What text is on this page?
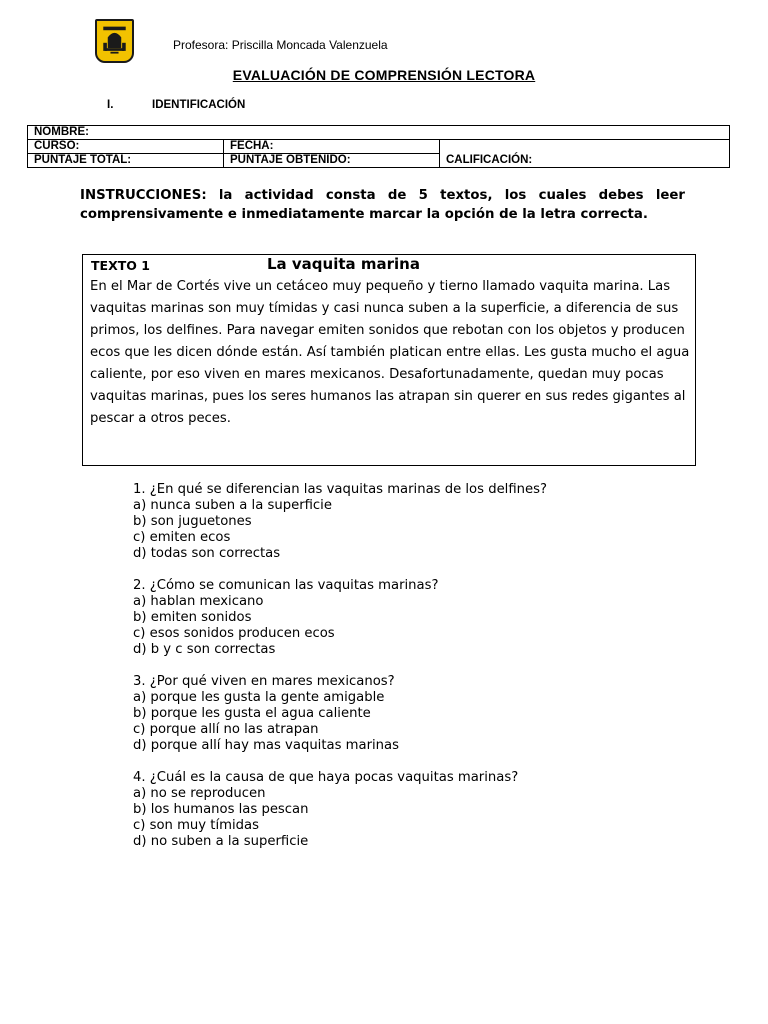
Profesora: Priscilla Moncada Valenzuela
EVALUACIÓN DE COMPRENSIÓN LECTORA
I.	IDENTIFICACIÓN
NOMBRE:		
CURSO:	FECHA:	CALIFICACIÓN:
PUNTAJE TOTAL:	PUNTAJE OBTENIDO:	
INSTRUCCIONES: la actividad consta de 5 textos, los cuales debes leer comprensivamente e inmediatamente marcar la opción de la letra correcta.
TEXTO 1	La vaquita marina
En el Mar de Cortés vive un cetáceo muy pequeño y tierno llamado vaquita marina. Las vaquitas marinas son muy tímidas y casi nunca suben a la superficie, a diferencia de sus primos, los delfines. Para navegar emiten sonidos que rebotan con los objetos y producen ecos que les dicen dónde están. Así también platican entre ellas. Les gusta mucho el agua caliente, por eso viven en mares mexicanos. Desafortunadamente, quedan muy pocas vaquitas marinas, pues los seres humanos las atrapan sin querer en sus redes gigantes al pescar a otros peces.
1. ¿En qué se diferencian las vaquitas marinas de los delfines?
a) nunca suben a la superficie
b) son juguetones
c) emiten ecos
d) todas son correctas
2. ¿Cómo se comunican las vaquitas marinas?
a) hablan mexicano
b) emiten sonidos
c) esos sonidos producen ecos
d) b y c son correctas
3. ¿Por qué viven en mares mexicanos?
a) porque les gusta la gente amigable
b) porque les gusta el agua caliente
c) porque allí no las atrapan
d) porque allí hay mas vaquitas marinas
4. ¿Cuál es la causa de que haya pocas vaquitas marinas?
a) no se reproducen
b) los humanos las pescan
c) son muy tímidas
d) no suben a la superficie
